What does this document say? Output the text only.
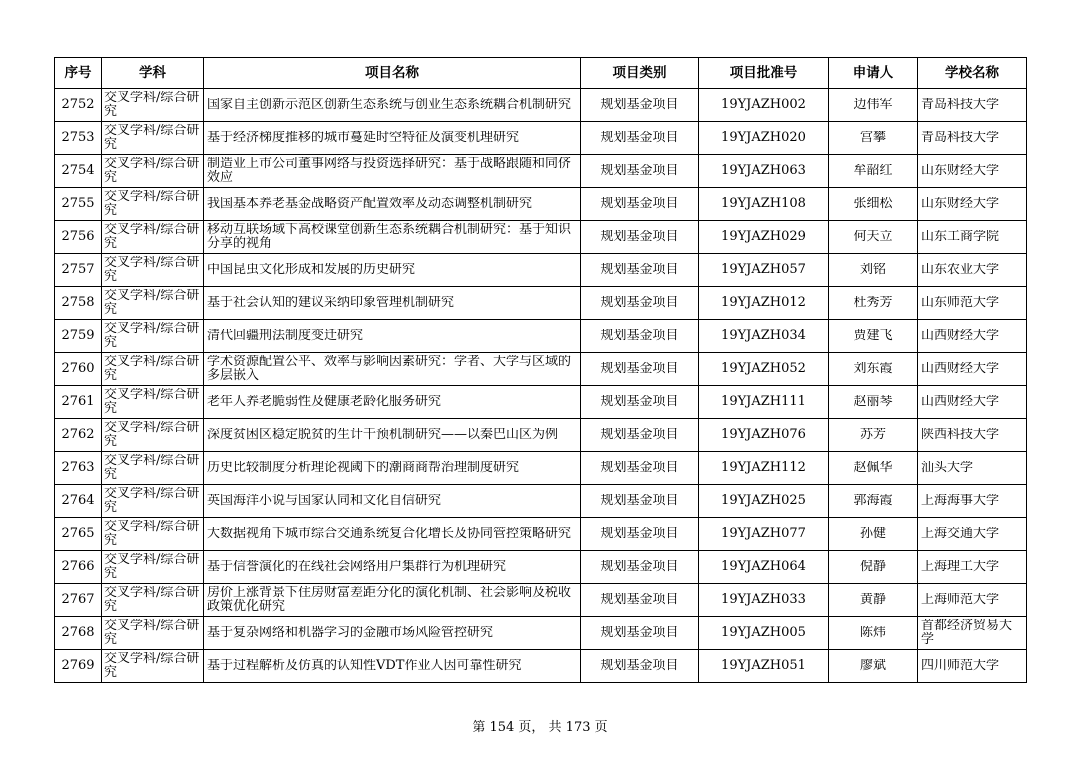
序号	学科	项目名称	项目类别	项目批准号	申请人	学校名称

2752	交叉学科/综合研究	国家自主创新示范区创新生态系统与创业生态系统耦合机制研究	规划基金项目	19YJAZH002	边伟军	青岛科技大学

2753	交叉学科/综合研究	基于经济梯度推移的城市蔓延时空特征及演变机理研究	规划基金项目	19YJAZH020	宫攀	青岛科技大学

2754	交叉学科/综合研究	制造业上市公司董事网络与投资选择研究：基于战略跟随和同侪效应	规划基金项目	19YJAZH063	牟韶红	山东财经大学

2755	交叉学科/综合研究	我国基本养老基金战略资产配置效率及动态调整机制研究	规划基金项目	19YJAZH108	张细松	山东财经大学

2756	交叉学科/综合研究	移动互联场域下高校课堂创新生态系统耦合机制研究：基于知识分享的视角	规划基金项目	19YJAZH029	何天立	山东工商学院

2757	交叉学科/综合研究	中国昆虫文化形成和发展的历史研究	规划基金项目	19YJAZH057	刘铭	山东农业大学

2758	交叉学科/综合研究	基于社会认知的建议采纳印象管理机制研究	规划基金项目	19YJAZH012	杜秀芳	山东师范大学

2759	交叉学科/综合研究	清代回疆刑法制度变迁研究	规划基金项目	19YJAZH034	贾建飞	山西财经大学

2760	交叉学科/综合研究	学术资源配置公平、效率与影响因素研究：学者、大学与区域的多层嵌入	规划基金项目	19YJAZH052	刘东霞	山西财经大学

2761	交叉学科/综合研究	老年人养老脆弱性及健康老龄化服务研究	规划基金项目	19YJAZH111	赵丽琴	山西财经大学

2762	交叉学科/综合研究	深度贫困区稳定脱贫的生计干预机制研究——以秦巴山区为例	规划基金项目	19YJAZH076	苏芳	陕西科技大学

2763	交叉学科/综合研究	历史比较制度分析理论视阈下的潮商商帮治理制度研究	规划基金项目	19YJAZH112	赵佩华	汕头大学

2764	交叉学科/综合研究	英国海洋小说与国家认同和文化自信研究	规划基金项目	19YJAZH025	郭海霞	上海海事大学

2765	交叉学科/综合研究	大数据视角下城市综合交通系统复合化增长及协同管控策略研究	规划基金项目	19YJAZH077	孙健	上海交通大学

2766	交叉学科/综合研究	基于信誉演化的在线社会网络用户集群行为机理研究	规划基金项目	19YJAZH064	倪静	上海理工大学

2767	交叉学科/综合研究	房价上涨背景下住房财富差距分化的演化机制、社会影响及税收政策优化研究	规划基金项目	19YJAZH033	黄静	上海师范大学

2768	交叉学科/综合研究	基于复杂网络和机器学习的金融市场风险管控研究	规划基金项目	19YJAZH005	陈炜	首都经济贸易大学

2769	交叉学科/综合研究	基于过程解析及仿真的认知性VDT作业人因可靠性研究	规划基金项目	19YJAZH051	廖斌	四川师范大学
第 154 页， 共 173 页
